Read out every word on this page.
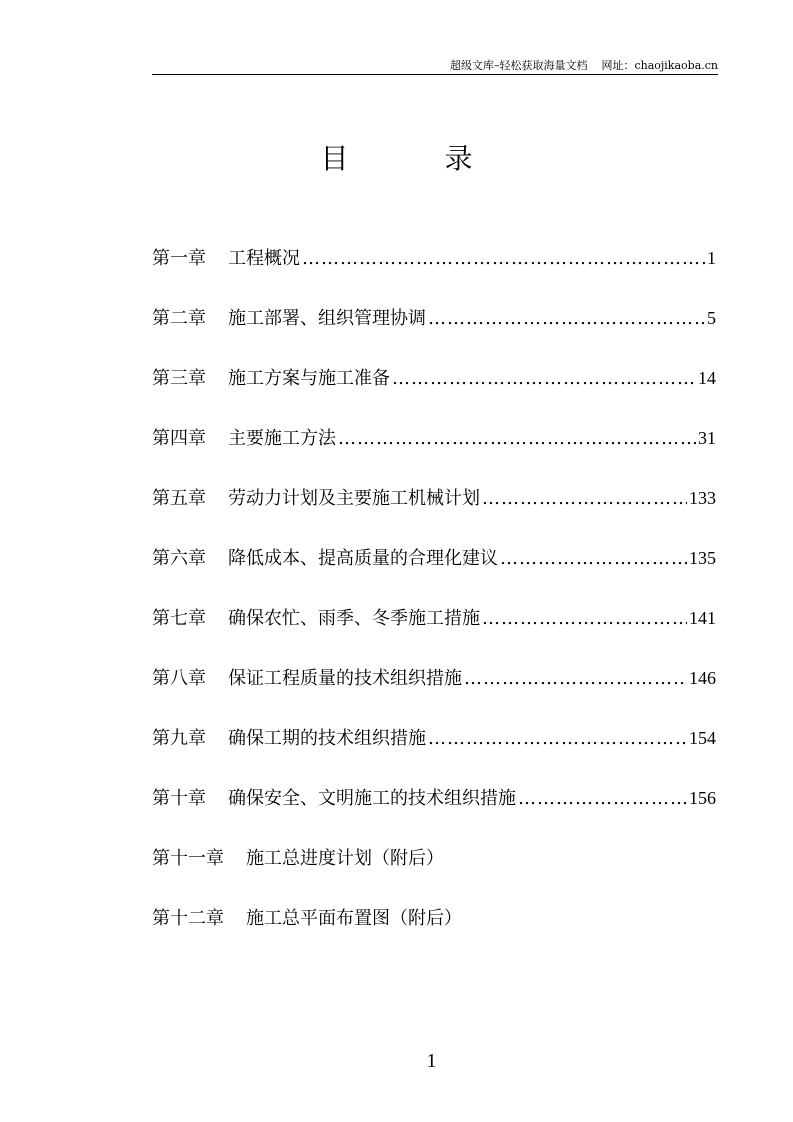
超级文库–轻松获取海量文档 网址：chaojikaoba.cn
目	录
第一章 工程概况 ……………………………………………………………………………………………	1
第二章 施工部署、组织管理协调 ……………………………………………………………………………………………	5
第三章 施工方案与施工准备 ……………………………………………………………………………………………	14
第四章 主要施工方法 ……………………………………………………………………………………………	31
第五章 劳动力计划及主要施工机械计划 ……………………………………………………………………………………………	133
第六章 降低成本、提高质量的合理化建议 ……………………………………………………………………………………………	135
第七章 确保农忙、雨季、冬季施工措施 ……………………………………………………………………………………………	141
第八章 保证工程质量的技术组织措施 ……………………………………………………………………………………………	146
第九章 确保工期的技术组织措施 ……………………………………………………………………………………………	154
第十章 确保安全、文明施工的技术组织措施 ……………………………………………………………………………………………	156
第十一章 施工总进度计划（附后）
第十二章 施工总平面布置图（附后）
1
